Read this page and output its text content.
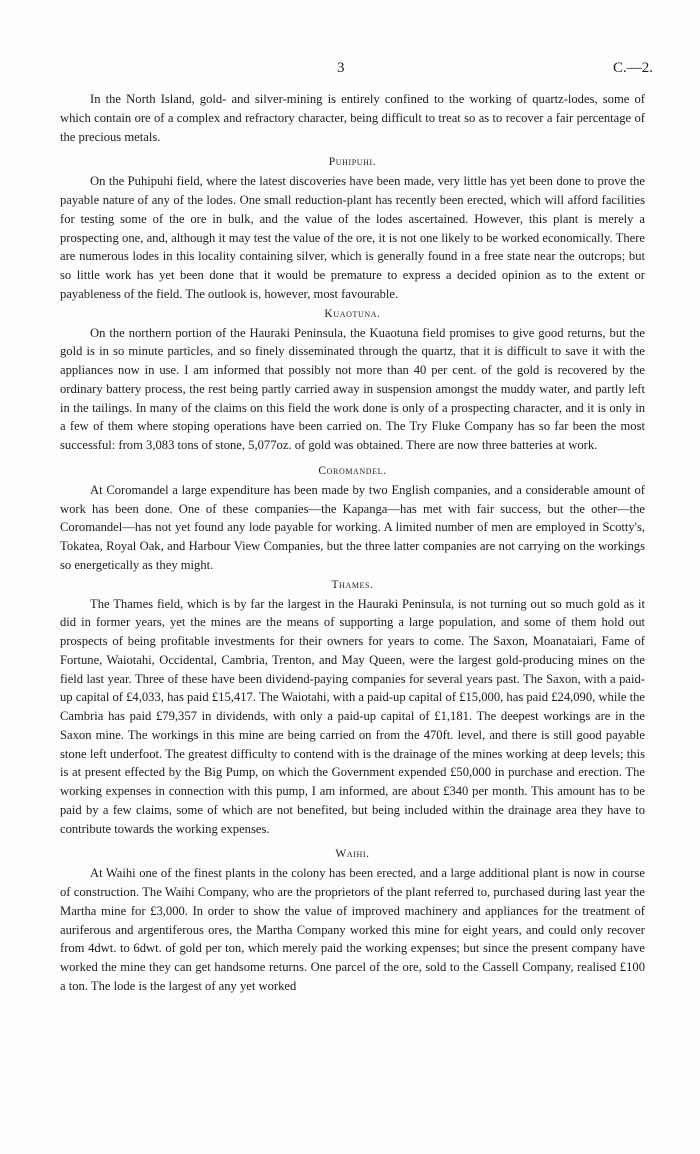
3	C.—2.

In the North Island, gold- and silver-mining is entirely confined to the working of quartz-lodes, some of which contain ore of a complex and refractory character, being difficult to treat so as to recover a fair percentage of the precious metals.

Puhipuhi.

On the Puhipuhi field, where the latest discoveries have been made, very little has yet been done to prove the payable nature of any of the lodes. One small reduction-plant has recently been erected, which will afford facilities for testing some of the ore in bulk, and the value of the lodes ascertained. However, this plant is merely a prospecting one, and, although it may test the value of the ore, it is not one likely to be worked economically. There are numerous lodes in this locality containing silver, which is generally found in a free state near the outcrops; but so little work has yet been done that it would be premature to express a decided opinion as to the extent or payableness of the field. The outlook is, however, most favourable.

Kuaotuna.

On the northern portion of the Hauraki Peninsula, the Kuaotuna field promises to give good returns, but the gold is in so minute particles, and so finely disseminated through the quartz, that it is difficult to save it with the appliances now in use. I am informed that possibly not more than 40 per cent. of the gold is recovered by the ordinary battery process, the rest being partly carried away in suspension amongst the muddy water, and partly left in the tailings. In many of the claims on this field the work done is only of a prospecting character, and it is only in a few of them where stoping operations have been carried on. The Try Fluke Company has so far been the most successful: from 3,083 tons of stone, 5,077oz. of gold was obtained. There are now three batteries at work.

Coromandel.

At Coromandel a large expenditure has been made by two English companies, and a considerable amount of work has been done. One of these companies—the Kapanga—has met with fair success, but the other—the Coromandel—has not yet found any lode payable for working. A limited number of men are employed in Scotty's, Tokatea, Royal Oak, and Harbour View Companies, but the three latter companies are not carrying on the workings so energetically as they might.

Thames.

The Thames field, which is by far the largest in the Hauraki Peninsula, is not turning out so much gold as it did in former years, yet the mines are the means of supporting a large population, and some of them hold out prospects of being profitable investments for their owners for years to come. The Saxon, Moanataiari, Fame of Fortune, Waiotahi, Occidental, Cambria, Trenton, and May Queen, were the largest gold-producing mines on the field last year. Three of these have been dividend-paying companies for several years past. The Saxon, with a paid-up capital of £4,033, has paid £15,417. The Waiotahi, with a paid-up capital of £15,000, has paid £24,090, while the Cambria has paid £79,357 in dividends, with only a paid-up capital of £1,181. The deepest workings are in the Saxon mine. The workings in this mine are being carried on from the 470ft. level, and there is still good payable stone left underfoot. The greatest difficulty to contend with is the drainage of the mines working at deep levels; this is at present effected by the Big Pump, on which the Government expended £50,000 in purchase and erection. The working expenses in connection with this pump, I am informed, are about £340 per month. This amount has to be paid by a few claims, some of which are not benefited, but being included within the drainage area they have to contribute towards the working expenses.

Waihi.

At Waihi one of the finest plants in the colony has been erected, and a large additional plant is now in course of construction. The Waihi Company, who are the proprietors of the plant referred to, purchased during last year the Martha mine for £3,000. In order to show the value of improved machinery and appliances for the treatment of auriferous and argentiferous ores, the Martha Company worked this mine for eight years, and could only recover from 4dwt. to 6dwt. of gold per ton, which merely paid the working expenses; but since the present company have worked the mine they can get handsome returns. One parcel of the ore, sold to the Cassell Company, realised £100 a ton. The lode is the largest of any yet worked
